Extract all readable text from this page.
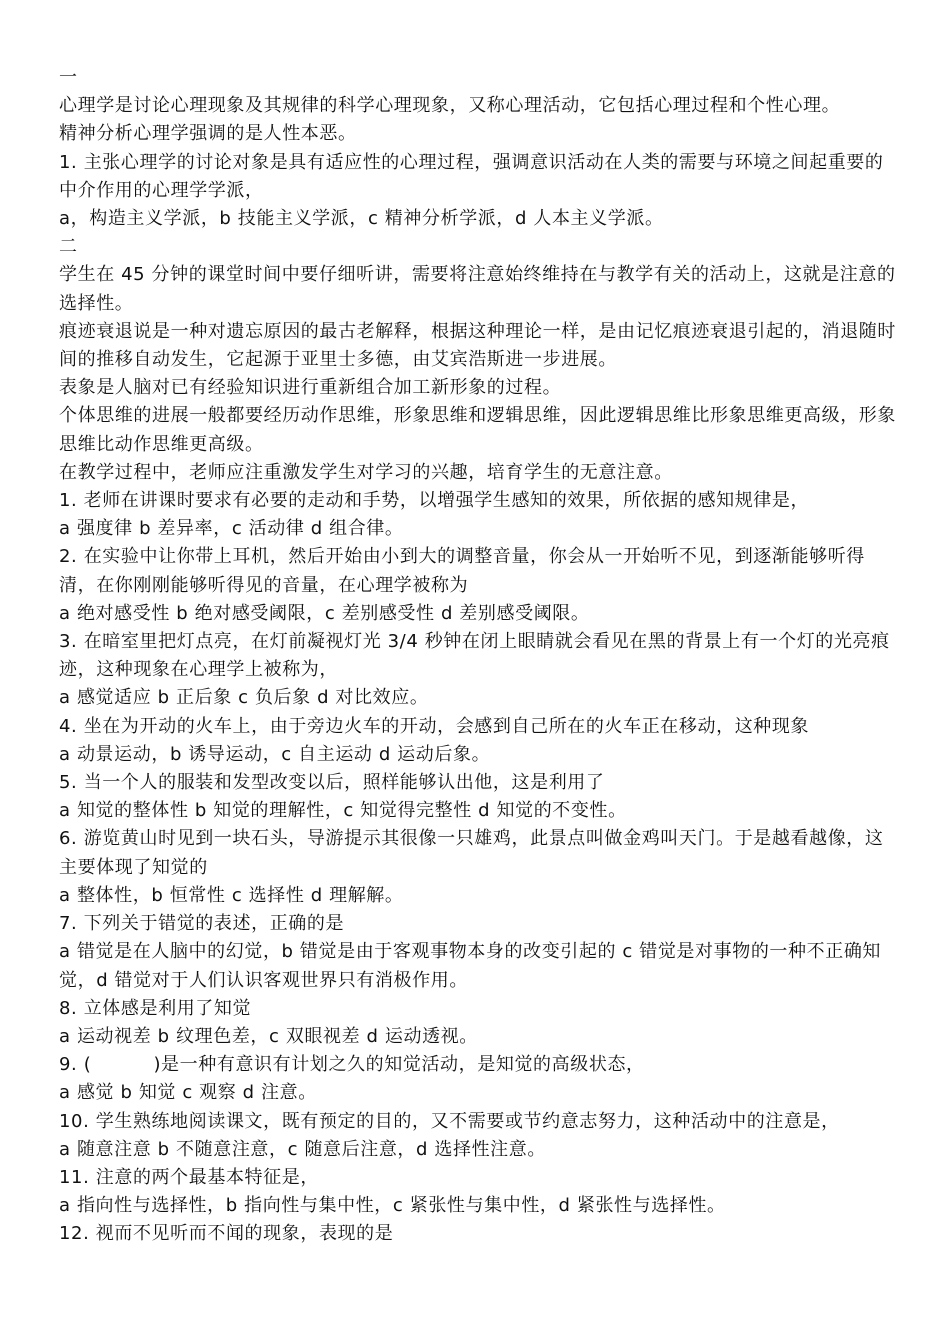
一

心理学是讨论心理现象及其规律的科学心理现象，又称心理活动，它包括心理过程和个性心理。

精神分析心理学强调的是人性本恶。

1. 主张心理学的讨论对象是具有适应性的心理过程，强调意识活动在人类的需要与环境之间起重要的中介作用的心理学学派，

a，构造主义学派，b 技能主义学派，c 精神分析学派，d 人本主义学派。

二

学生在 45 分钟的课堂时间中要仔细听讲，需要将注意始终维持在与教学有关的活动上，这就是注意的选择性。

痕迹衰退说是一种对遗忘原因的最古老解释，根据这种理论一样，是由记忆痕迹衰退引起的，消退随时间的推移自动发生，它起源于亚里士多德，由艾宾浩斯进一步进展。

表象是人脑对已有经验知识进行重新组合加工新形象的过程。

个体思维的进展一般都要经历动作思维，形象思维和逻辑思维，因此逻辑思维比形象思维更高级，形象思维比动作思维更高级。

在教学过程中，老师应注重激发学生对学习的兴趣，培育学生的无意注意。

1. 老师在讲课时要求有必要的走动和手势，以增强学生感知的效果，所依据的感知规律是，

a 强度律 b 差异率，c 活动律 d 组合律。

2. 在实验中让你带上耳机，然后开始由小到大的调整音量，你会从一开始听不见，到逐渐能够听得清，在你刚刚能够听得见的音量，在心理学被称为

a 绝对感受性 b 绝对感受阈限，c 差别感受性 d 差别感受阈限。

3. 在暗室里把灯点亮，在灯前凝视灯光 3/4 秒钟在闭上眼睛就会看见在黑的背景上有一个灯的光亮痕迹，这种现象在心理学上被称为，

a 感觉适应 b 正后象 c 负后象 d 对比效应。

4. 坐在为开动的火车上，由于旁边火车的开动，会感到自己所在的火车正在移动，这种现象

a 动景运动，b 诱导运动，c 自主运动 d 运动后象。

5. 当一个人的服装和发型改变以后，照样能够认出他，这是利用了

a 知觉的整体性 b 知觉的理解性，c 知觉得完整性 d 知觉的不变性。

6. 游览黄山时见到一块石头，导游提示其很像一只雄鸡，此景点叫做金鸡叫天门。于是越看越像，这主要体现了知觉的

a 整体性，b 恒常性 c 选择性 d 理解解。

7. 下列关于错觉的表述，正确的是

a 错觉是在人脑中的幻觉，b 错觉是由于客观事物本身的改变引起的 c 错觉是对事物的一种不正确知觉，d 错觉对于人们认识客观世界只有消极作用。

8. 立体感是利用了知觉

a 运动视差 b 纹理色差，c 双眼视差 d 运动透视。

9. (　　　 )是一种有意识有计划之久的知觉活动，是知觉的高级状态，

a 感觉 b 知觉 c 观察 d 注意。

10. 学生熟练地阅读课文，既有预定的目的，又不需要或节约意志努力，这种活动中的注意是，

a 随意注意 b 不随意注意，c 随意后注意，d 选择性注意。

11. 注意的两个最基本特征是，

a 指向性与选择性，b 指向性与集中性，c 紧张性与集中性，d 紧张性与选择性。

12. 视而不见听而不闻的现象，表现的是
